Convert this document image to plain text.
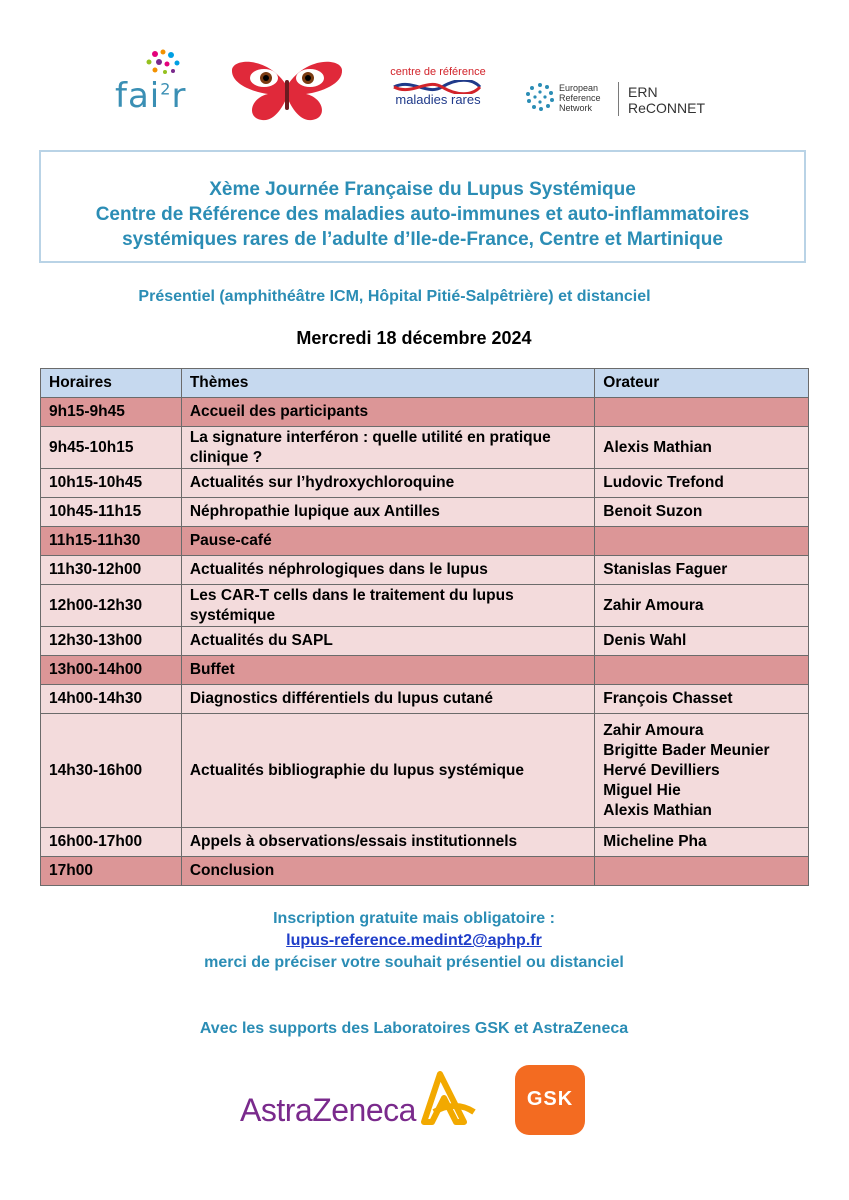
fai$^2$r
centre de référence
maladies rares
European
Reference
Network
ERN
ReCONNET
Xème Journée Française du Lupus Systémique
Centre de Référence des maladies auto-immunes et auto-inflammatoires
systémiques rares de l’adulte d’Ile-de-France, Centre et Martinique
Présentiel (amphithéâtre ICM, Hôpital Pitié-Salpêtrière) et distanciel
Mercredi 18 décembre 2024
Horaires	Thèmes	Orateur
9h15-9h45	Accueil des participants	
9h45-10h15	La signature interféron : quelle utilité en pratique clinique ?	Alexis Mathian
10h15-10h45	Actualités sur l’hydroxychloroquine	Ludovic Trefond
10h45-11h15	Néphropathie lupique aux Antilles	Benoit Suzon
11h15-11h30	Pause-café	
11h30-12h00	Actualités néphrologiques dans le lupus	Stanislas Faguer
12h00-12h30	Les CAR-T cells dans le traitement du lupus systémique	Zahir Amoura
12h30-13h00	Actualités du SAPL	Denis Wahl
13h00-14h00	Buffet	
14h00-14h30	Diagnostics différentiels du lupus cutané	François Chasset
14h30-16h00	Actualités bibliographie du lupus systémique	Zahir Amoura
Brigitte Bader Meunier
Hervé Devilliers
Miguel Hie
Alexis Mathian

16h00-17h00	Appels à observations/essais institutionnels	Micheline Pha
17h00	Conclusion	
Inscription gratuite mais obligatoire :
lupus-reference.medint2@aphp.fr
merci de préciser votre souhait présentiel ou distanciel
Avec les supports des Laboratoires GSK et AstraZeneca
AstraZeneca	GSK
